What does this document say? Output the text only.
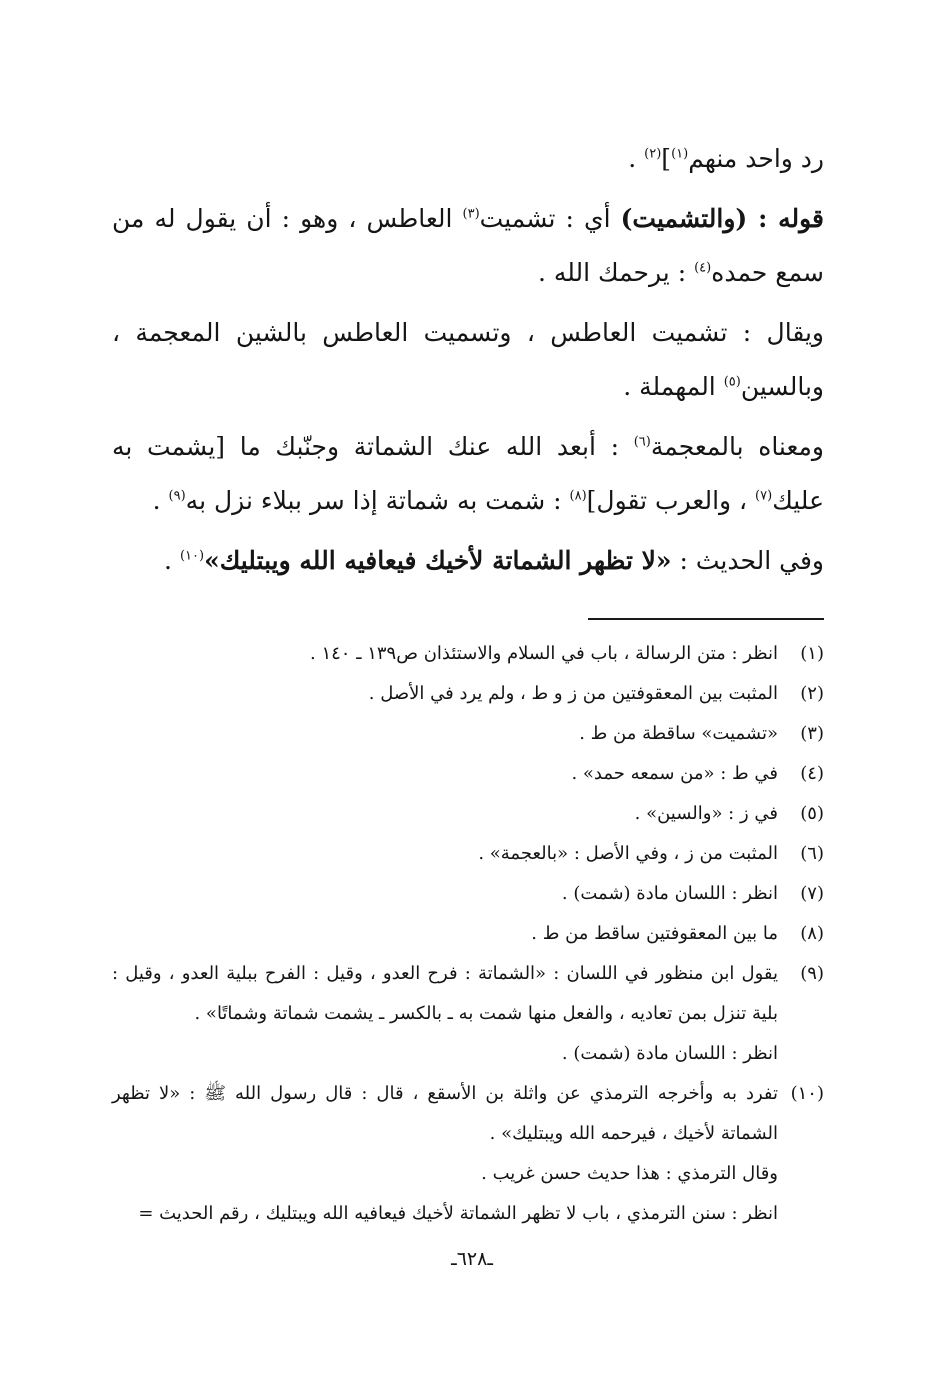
رد واحد منهم$^{(١)}$]$^{(٢)}$ .

قوله : (والتشميت) أي : تشميت$^{(٣)}$ العاطس ، وهو : أن يقول له من سمع حمده$^{(٤)}$ : يرحمك الله .

ويقال : تشميت العاطس ، وتسميت العاطس بالشين المعجمة ، وبالسين$^{(٥)}$ المهملة .

ومعناه بالمعجمة$^{(٦)}$ : أبعد الله عنك الشماتة وجنّبك ما [يشمت به عليك$^{(٧)}$ ، والعرب تقول]$^{(٨)}$ : شمت به شماتة إذا سر ببلاء نزل به$^{(٩)}$ .

وفي الحديث : «لا تظهر الشماتة لأخيك فيعافيه الله ويبتليك»$^{(١٠)}$ .

(١)
انظر : متن الرسالة ، باب في السلام والاستئذان ص١٣٩ ـ ١٤٠ .
(٢)
المثبت بين المعقوفتين من ز و ط ، ولم يرد في الأصل .
(٣)
«تشميت» ساقطة من ط .
(٤)
في ط : «من سمعه حمد» .
(٥)
في ز : «والسين» .
(٦)
المثبت من ز ، وفي الأصل : «بالعجمة» .
(٧)
انظر : اللسان مادة (شمت) .
(٨)
ما بين المعقوفتين ساقط من ط .
(٩)
يقول ابن منظور في اللسان : «الشماتة : فرح العدو ، وقيل : الفرح ببلية العدو ، وقيل : بلية تنزل بمن تعاديه ، والفعل منها شمت به ـ بالكسر ـ يشمت شماتة وشماتًا» .
انظر : اللسان مادة (شمت) .
(١٠)
تفرد به وأخرجه الترمذي عن واثلة بن الأسقع ، قال : قال رسول الله ﷺ : «لا تظهر الشماتة لأخيك ، فيرحمه الله ويبتليك» .
وقال الترمذي : هذا حديث حسن غريب .
انظر : سنن الترمذي ، باب لا تظهر الشماتة لأخيك فيعافيه الله ويبتليك ، رقم الحديث =
ـ٦٢٨ـ
